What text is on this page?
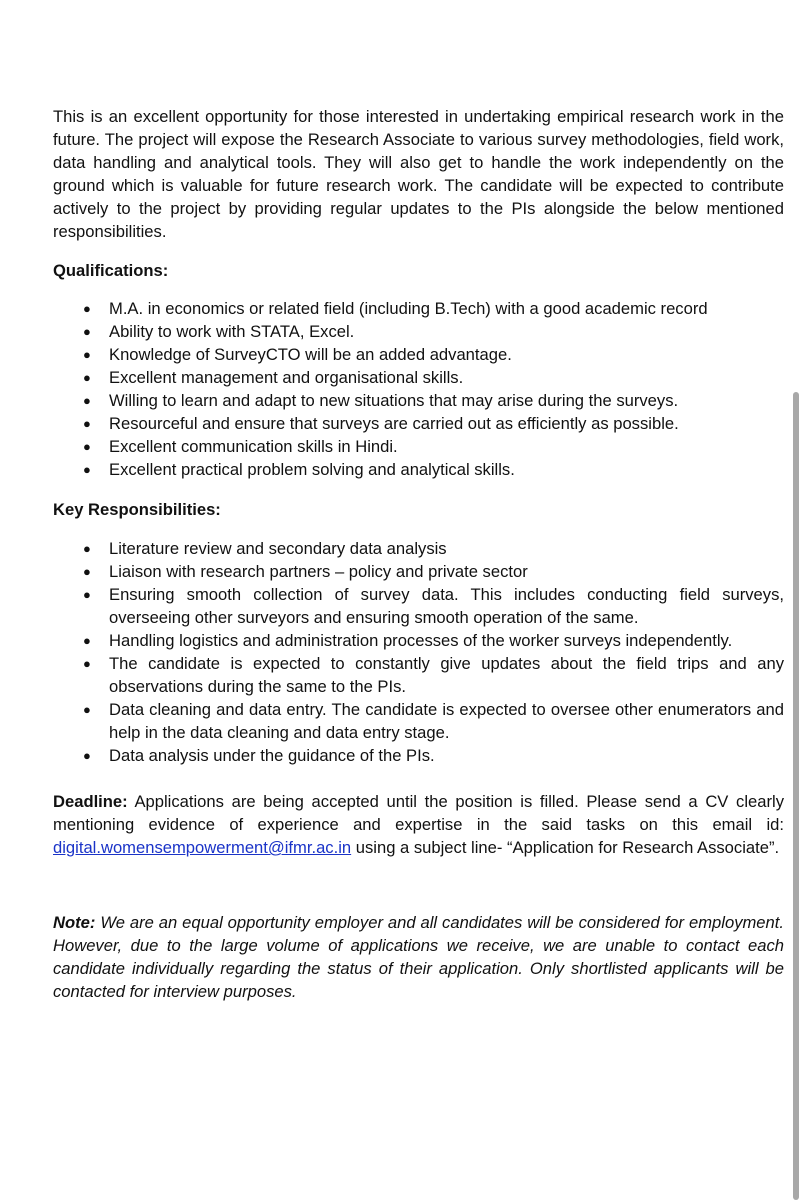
This is an excellent opportunity for those interested in undertaking empirical research work in the future. The project will expose the Research Associate to various survey methodologies, field work, data handling and analytical tools. They will also get to handle the work independently on the ground which is valuable for future research work. The candidate will be expected to contribute actively to the project by providing regular updates to the PIs alongside the below mentioned responsibilities.

Qualifications:
● M.A. in economics or related field (including B.Tech) with a good academic record
● Ability to work with STATA, Excel.
● Knowledge of SurveyCTO will be an added advantage.
● Excellent management and organisational skills.
● Willing to learn and adapt to new situations that may arise during the surveys.
● Resourceful and ensure that surveys are carried out as efficiently as possible.
● Excellent communication skills in Hindi.
● Excellent practical problem solving and analytical skills.
Key Responsibilities:
● Literature review and secondary data analysis
● Liaison with research partners – policy and private sector
● Ensuring smooth collection of survey data. This includes conducting field surveys, overseeing other surveyors and ensuring smooth operation of the same.
● Handling logistics and administration processes of the worker surveys independently.
● The candidate is expected to constantly give updates about the field trips and any observations during the same to the PIs.
● Data cleaning and data entry. The candidate is expected to oversee other enumerators and help in the data cleaning and data entry stage.
● Data analysis under the guidance of the PIs.

Deadline: Applications are being accepted until the position is filled. Please send a CV clearly mentioning evidence of experience and expertise in the said tasks on this email id: digital.womensempowerment@ifmr.ac.in using a subject line- “Application for Research Associate”.

Note: We are an equal opportunity employer and all candidates will be considered for employment. However, due to the large volume of applications we receive, we are unable to contact each candidate individually regarding the status of their application. Only shortlisted applicants will be contacted for interview purposes.
